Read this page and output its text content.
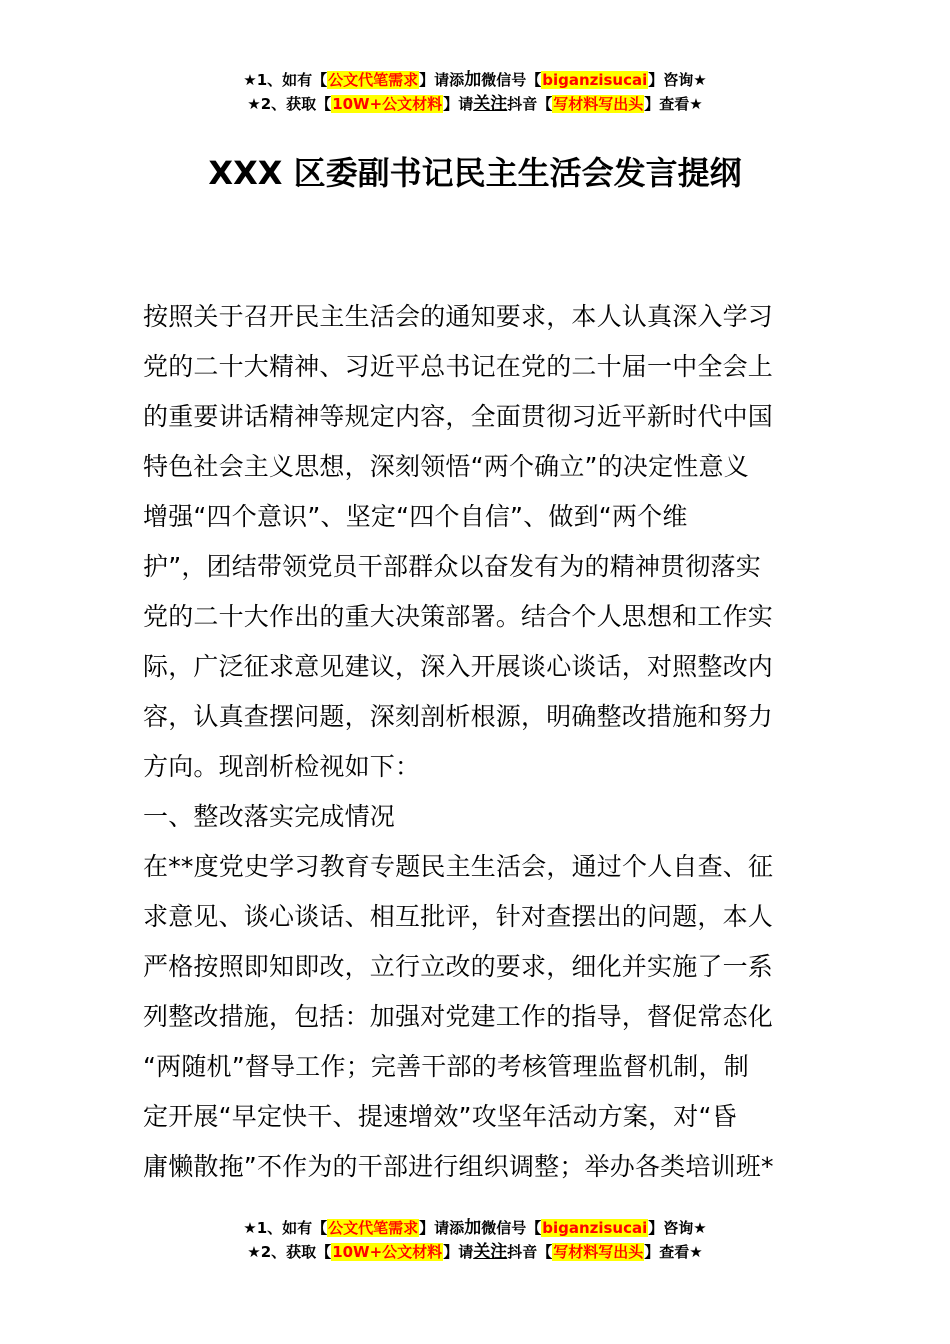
★1、如有【公文代笔需求】请添加微信号【biganzisucai】咨询★
★2、获取【10W+公文材料】请关注抖音【写材料写出头】查看★
XXX 区委副书记民主生活会发言提纲
按照关于召开民主生活会的通知要求，本人认真深入学习
党的二十大精神、习近平总书记在党的二十届一中全会上
的重要讲话精神等规定内容，全面贯彻习近平新时代中国
特色社会主义思想，深刻领悟“两个确立”的决定性意义
增强“四个意识”、坚定“四个自信”、做到“两个维
护”，团结带领党员干部群众以奋发有为的精神贯彻落实
党的二十大作出的重大决策部署。结合个人思想和工作实
际，广泛征求意见建议，深入开展谈心谈话，对照整改内
容，认真查摆问题，深刻剖析根源，明确整改措施和努力
方向。现剖析检视如下：
一、整改落实完成情况
在**度党史学习教育专题民主生活会，通过个人自查、征
求意见、谈心谈话、相互批评，针对查摆出的问题，本人
严格按照即知即改，立行立改的要求，细化并实施了一系
列整改措施，包括：加强对党建工作的指导，督促常态化
“两随机”督导工作；完善干部的考核管理监督机制，制
定开展“早定快干、提速增效”攻坚年活动方案，对“昏
庸懒散拖”不作为的干部进行组织调整；举办各类培训班*
★1、如有【公文代笔需求】请添加微信号【biganzisucai】咨询★
★2、获取【10W+公文材料】请关注抖音【写材料写出头】查看★
